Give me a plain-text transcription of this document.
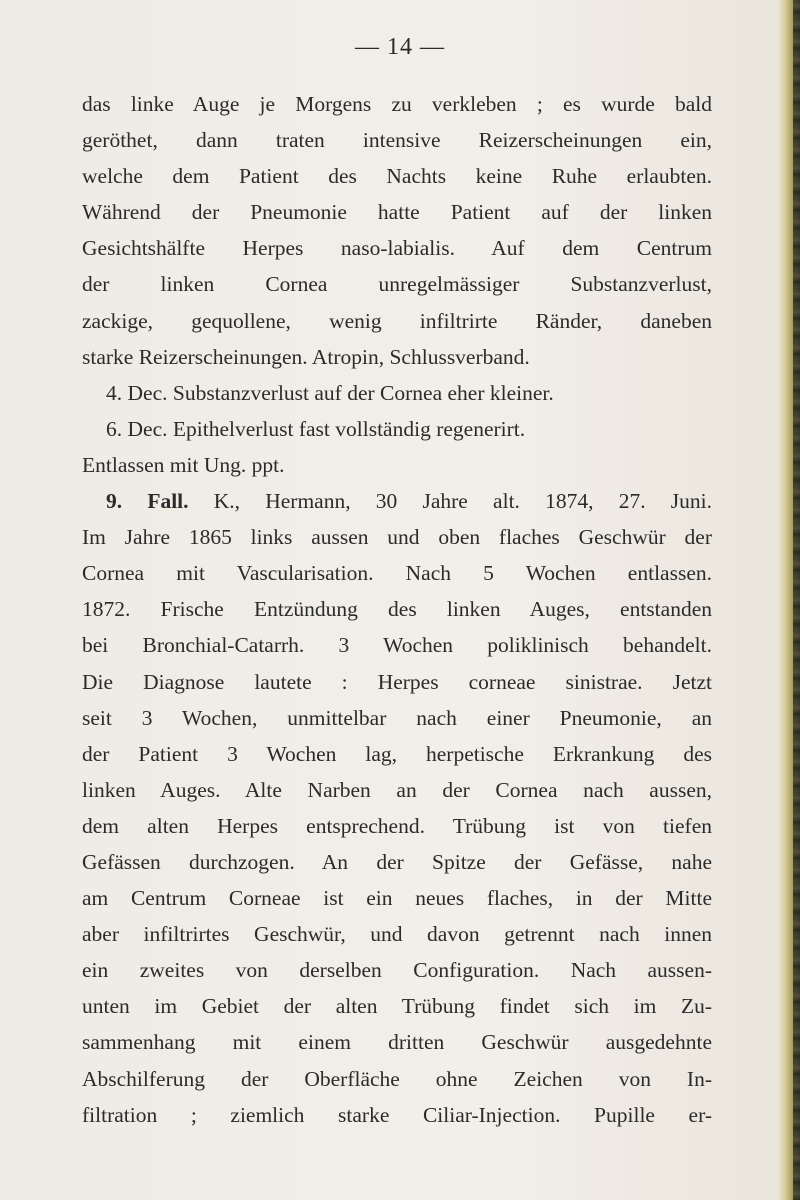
— 14 —
das linke Auge je Morgens zu verkleben ; es wurde bald
geröthet, dann traten intensive Reizerscheinungen ein,
welche dem Patient des Nachts keine Ruhe erlaubten.
Während der Pneumonie hatte Patient auf der linken
Gesichtshälfte Herpes naso-labialis. Auf dem Centrum
der linken Cornea unregelmässiger Substanzverlust,
zackige, gequollene, wenig infiltrirte Ränder, daneben
starke Reizerscheinungen. Atropin, Schlussverband.
4. Dec. Substanzverlust auf der Cornea eher kleiner.
6. Dec. Epithelverlust fast vollständig regenerirt.
Entlassen mit Ung. ppt.
9. Fall. K., Hermann, 30 Jahre alt. 1874, 27. Juni.
Im Jahre 1865 links aussen und oben flaches Geschwür der
Cornea mit Vascularisation. Nach 5 Wochen entlassen.
1872. Frische Entzündung des linken Auges, entstanden
bei Bronchial-Catarrh. 3 Wochen poliklinisch behandelt.
Die Diagnose lautete : Herpes corneae sinistrae. Jetzt
seit 3 Wochen, unmittelbar nach einer Pneumonie, an
der Patient 3 Wochen lag, herpetische Erkrankung des
linken Auges. Alte Narben an der Cornea nach aussen,
dem alten Herpes entsprechend. Trübung ist von tiefen
Gefässen durchzogen. An der Spitze der Gefässe, nahe
am Centrum Corneae ist ein neues flaches, in der Mitte
aber infiltrirtes Geschwür, und davon getrennt nach innen
ein zweites von derselben Configuration. Nach aussen-
unten im Gebiet der alten Trübung findet sich im Zu-
sammenhang mit einem dritten Geschwür ausgedehnte
Abschilferung der Oberfläche ohne Zeichen von In-
filtration ; ziemlich starke Ciliar-Injection. Pupille er-
